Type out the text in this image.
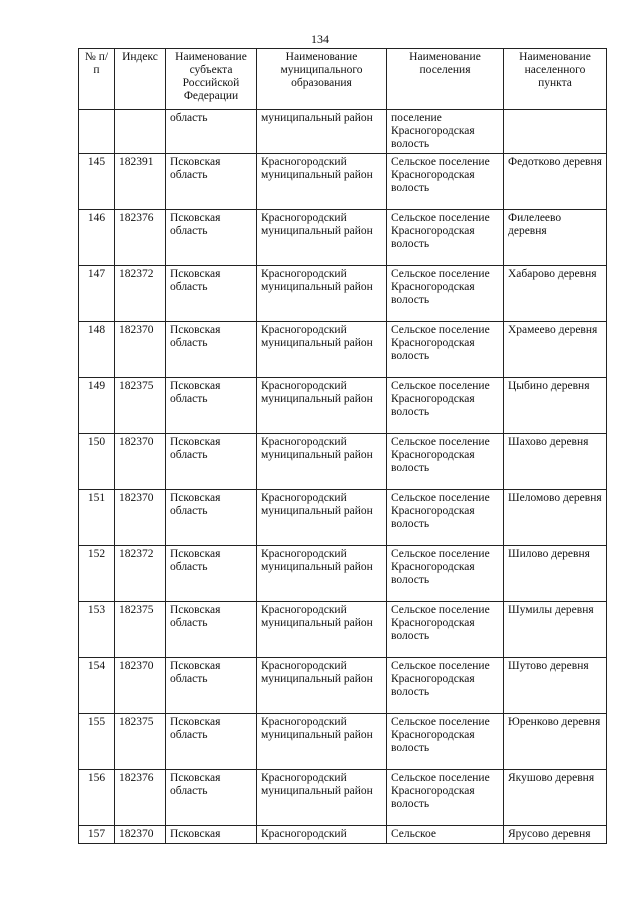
134
№ п/п	Индекс	Наименование субъекта Российской Федерации	Наименование муниципального образования	Наименование поселения	Наименование населенного пункта
		область	муниципальный район	поселение Красногородская волость	
145	182391	Псковская область	Красногородский муниципальный район	Сельское поселение Красногородская волость	Федотково деревня
146	182376	Псковская область	Красногородский муниципальный район	Сельское поселение Красногородская волость	Филелеево деревня
147	182372	Псковская область	Красногородский муниципальный район	Сельское поселение Красногородская волость	Хабарово деревня
148	182370	Псковская область	Красногородский муниципальный район	Сельское поселение Красногородская волость	Храмеево деревня
149	182375	Псковская область	Красногородский муниципальный район	Сельское поселение Красногородская волость	Цыбино деревня
150	182370	Псковская область	Красногородский муниципальный район	Сельское поселение Красногородская волость	Шахово деревня
151	182370	Псковская область	Красногородский муниципальный район	Сельское поселение Красногородская волость	Шеломово деревня
152	182372	Псковская область	Красногородский муниципальный район	Сельское поселение Красногородская волость	Шилово деревня
153	182375	Псковская область	Красногородский муниципальный район	Сельское поселение Красногородская волость	Шумилы деревня
154	182370	Псковская область	Красногородский муниципальный район	Сельское поселение Красногородская волость	Шутово деревня
155	182375	Псковская область	Красногородский муниципальный район	Сельское поселение Красногородская волость	Юренково деревня
156	182376	Псковская область	Красногородский муниципальный район	Сельское поселение Красногородская волость	Якушово деревня
157	182370	Псковская	Красногородский	Сельское	Ярусово деревня
